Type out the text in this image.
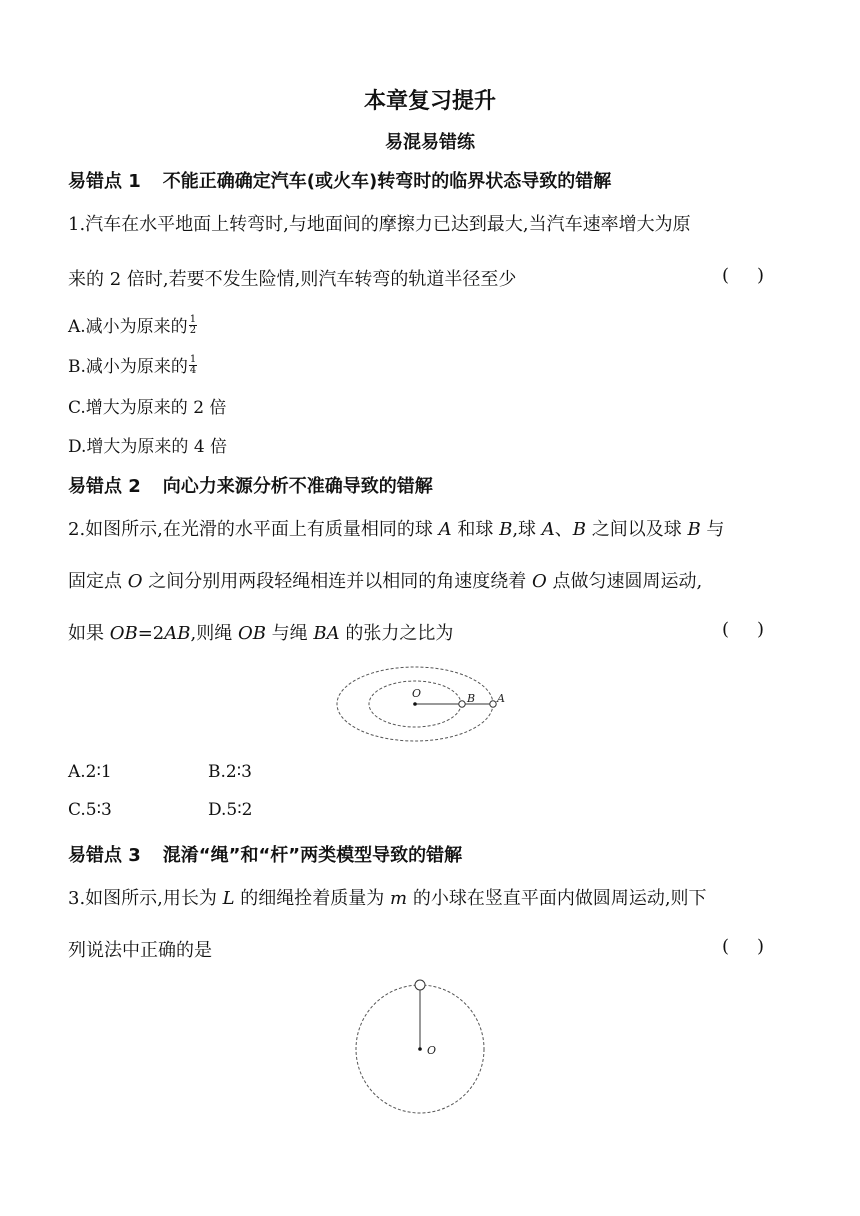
本章复习提升
易混易错练
易错点 1 不能正确确定汽车(或火车)转弯时的临界状态导致的错解
1.汽车在水平地面上转弯时,与地面间的摩擦力已达到最大,当汽车速率增大为原
来的 2 倍时,若要不发生险情,则汽车转弯的轨道半径至少	( )
A.减小为原来的 $\frac{1}{2}$
B.减小为原来的 $\frac{1}{4}$
C.增大为原来的 2 倍
D.增大为原来的 4 倍
易错点 2 向心力来源分析不准确导致的错解
2.如图所示,在光滑的水平面上有质量相同的球 A 和球 B,球 A、B 之间以及球 B 与
固定点 O 之间分别用两段轻绳相连并以相同的角速度绕着 O 点做匀速圆周运动,
如果 OB=2AB,则绳 OB 与绳 BA 的张力之比为	( )
O	B A
A.2∶1	B.2∶3
C.5∶3	D.5∶2
易错点 3 混淆“绳”和“杆”两类模型导致的错解
3.如图所示,用长为 L 的细绳拴着质量为 m 的小球在竖直平面内做圆周运动,则下
列说法中正确的是	( )
O
